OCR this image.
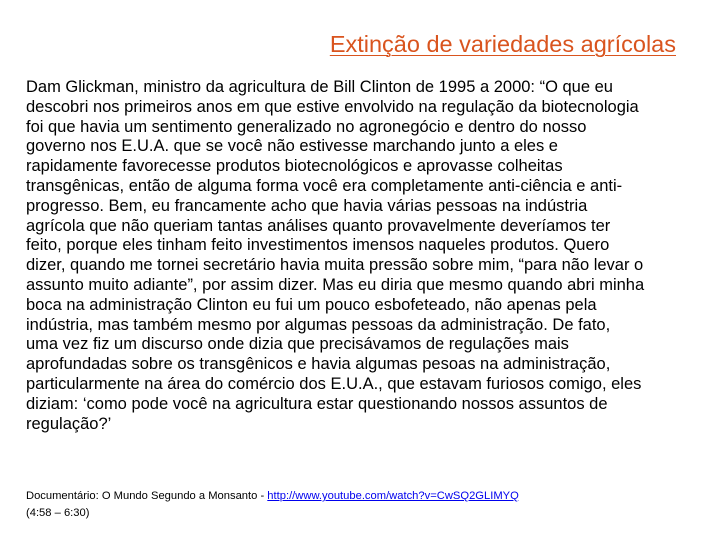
Extinção de variedades agrícolas
Dam Glickman, ministro da agricultura de Bill Clinton de 1995 a 2000: “O que eu
descobri nos primeiros anos em que estive envolvido na regulação da biotecnologia
foi que havia um sentimento generalizado no agronegócio e dentro do nosso
governo nos E.U.A. que se você não estivesse marchando junto a eles e
rapidamente favorecesse produtos biotecnológicos e aprovasse colheitas
transgênicas, então de alguma forma você era completamente anti-ciência e anti-
progresso. Bem, eu francamente acho que havia várias pessoas na indústria
agrícola que não queriam tantas análises quanto provavelmente deveríamos ter
feito, porque eles tinham feito investimentos imensos naqueles produtos. Quero
dizer, quando me tornei secretário havia muita pressão sobre mim, “para não levar o
assunto muito adiante”, por assim dizer. Mas eu diria que mesmo quando abri minha
boca na administração Clinton eu fui um pouco esbofeteado, não apenas pela
indústria, mas também mesmo por algumas pessoas da administração. De fato,
uma vez fiz um discurso onde dizia que precisávamos de regulações mais
aprofundadas sobre os transgênicos e havia algumas pesoas na administração,
particularmente na área do comércio dos E.U.A., que estavam furiosos comigo, eles
diziam: ‘como pode você na agricultura estar questionando nossos assuntos de
regulação?’
Documentário: O Mundo Segundo a Monsanto - http://www.youtube.com/watch?v=CwSQ2GLIMYQ
(4:58 – 6:30)
